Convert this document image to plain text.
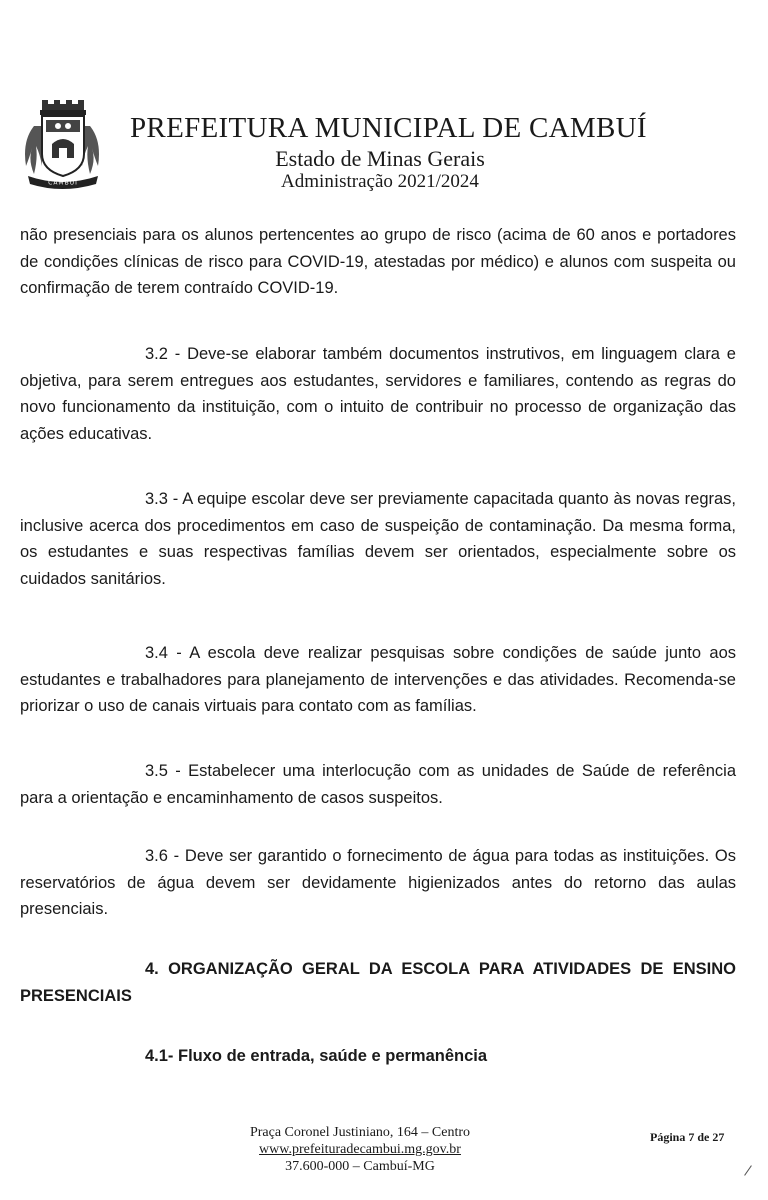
CAMBUÍ
PREFEITURA MUNICIPAL DE CAMBUÍ
Estado de Minas Gerais
Administração 2021/2024

não presenciais para os alunos pertencentes ao grupo de risco (acima de 60 anos e portadores de condições clínicas de risco para COVID-19, atestadas por médico) e alunos com suspeita ou confirmação de terem contraído COVID-19.

3.2 - Deve-se elaborar também documentos instrutivos, em linguagem clara e objetiva, para serem entregues aos estudantes, servidores e familiares, contendo as regras do novo funcionamento da instituição, com o intuito de contribuir no processo de organização das ações educativas.

3.3 - A equipe escolar deve ser previamente capacitada quanto às novas regras, inclusive acerca dos procedimentos em caso de suspeição de contaminação. Da mesma forma, os estudantes e suas respectivas famílias devem ser orientados, especialmente sobre os cuidados sanitários.

3.4 - A escola deve realizar pesquisas sobre condições de saúde junto aos estudantes e trabalhadores para planejamento de intervenções e das atividades. Recomenda-se priorizar o uso de canais virtuais para contato com as famílias.

3.5 - Estabelecer uma interlocução com as unidades de Saúde de referência para a orientação e encaminhamento de casos suspeitos.

3.6 - Deve ser garantido o fornecimento de água para todas as instituições. Os reservatórios de água devem ser devidamente higienizados antes do retorno das aulas presenciais.

4. ORGANIZAÇÃO GERAL DA ESCOLA PARA ATIVIDADES DE ENSINO PRESENCIAIS

4.1- Fluxo de entrada, saúde e permanência

Praça Coronel Justiniano, 164 – Centro
www.prefeituradecambui.mg.gov.br
37.600-000 – Cambuí-MG
Página 7 de 27
